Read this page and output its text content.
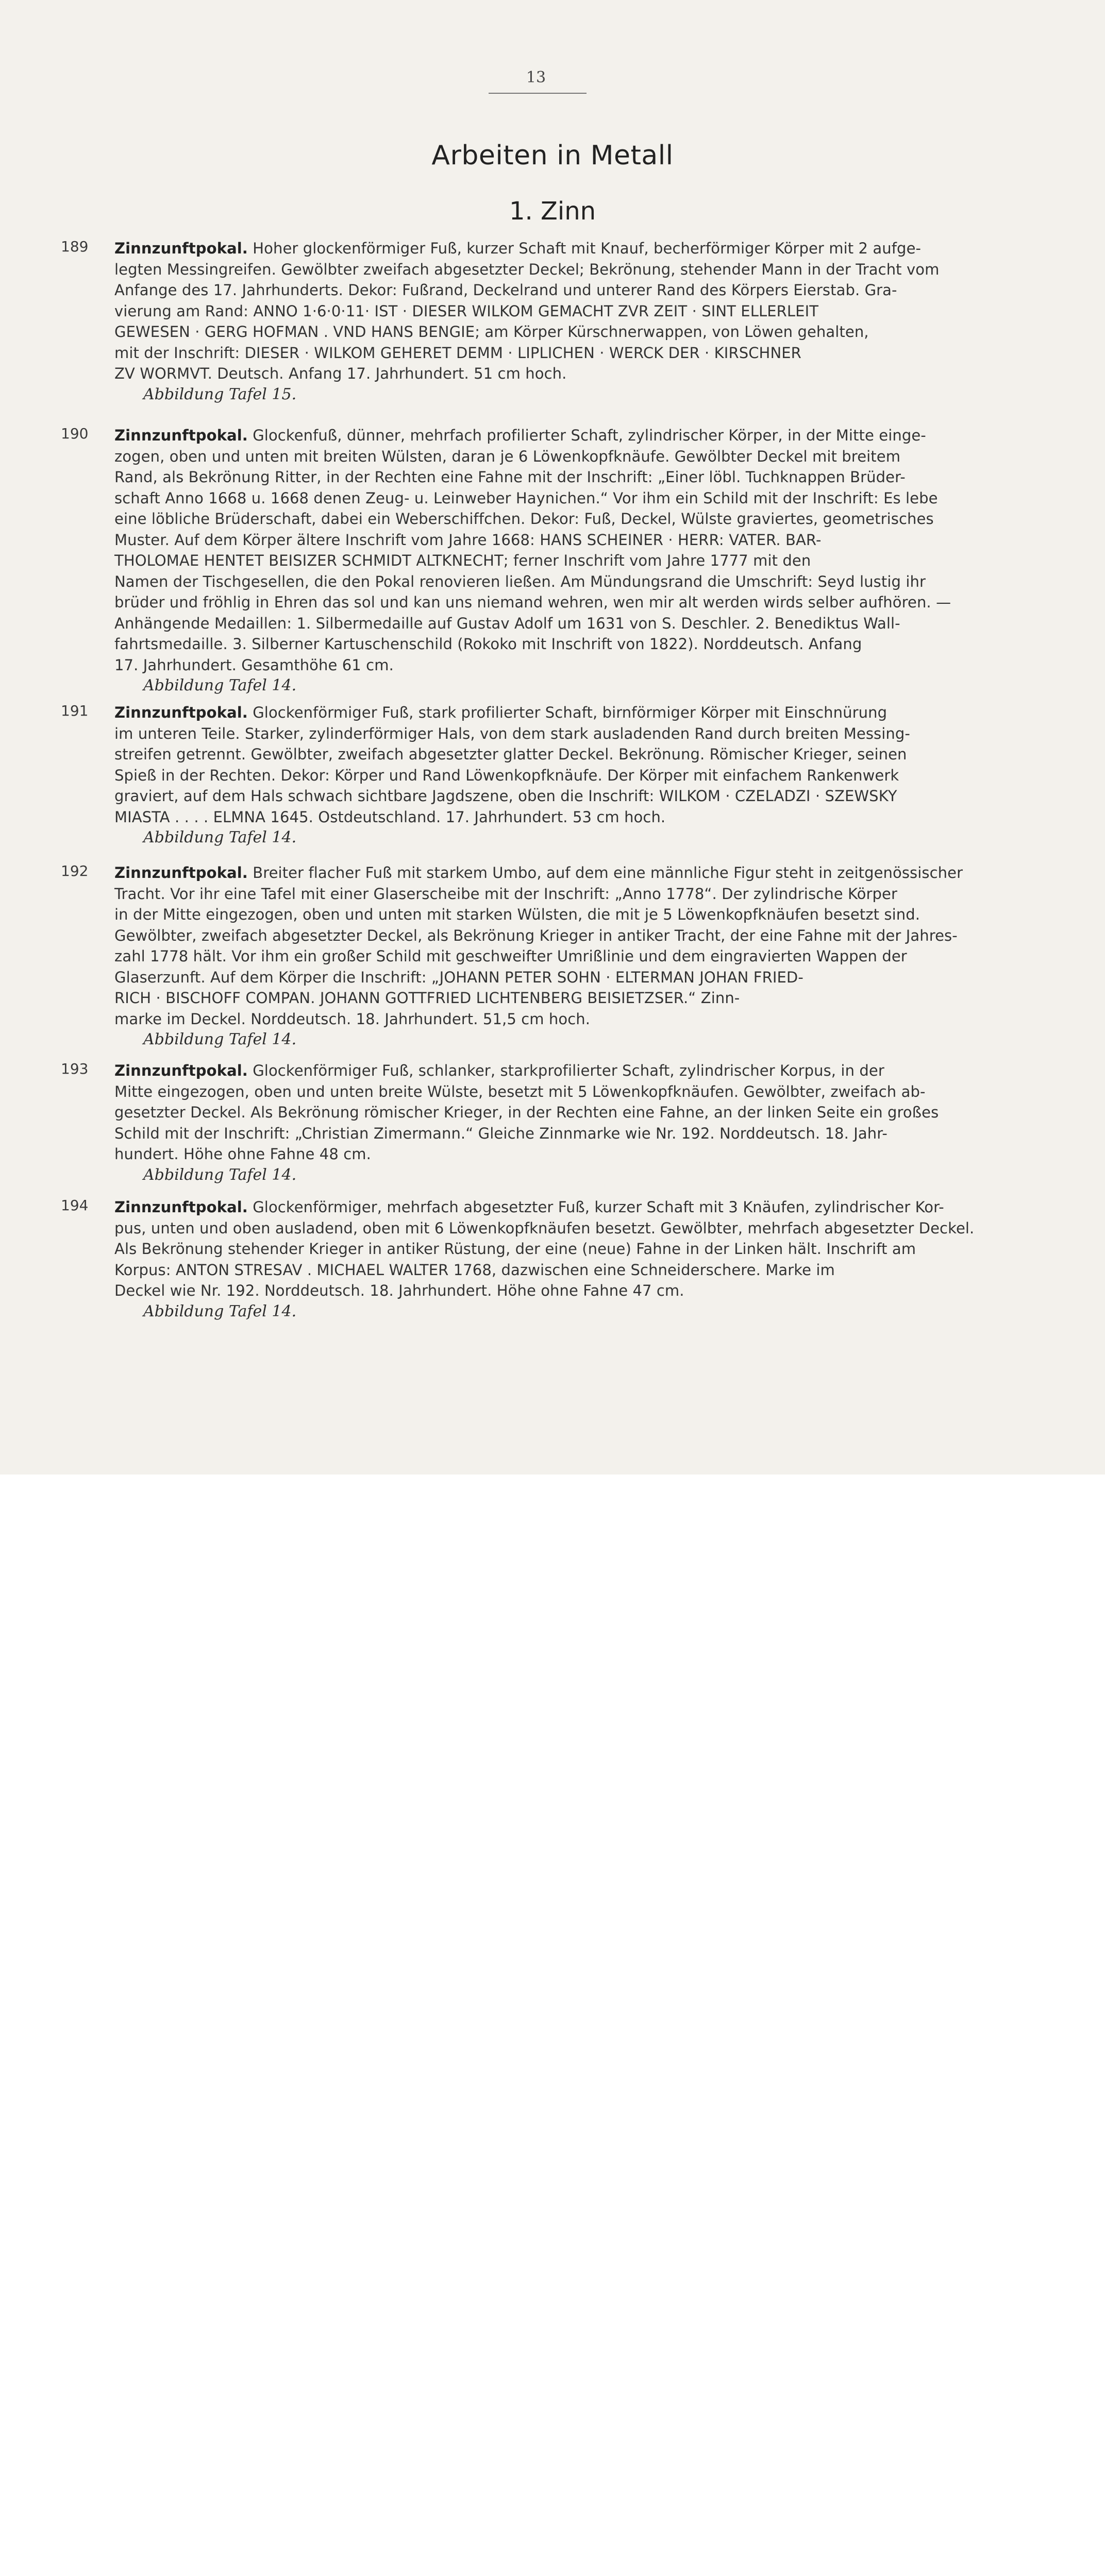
13
Arbeiten in Metall
1. Zinn
189 Zinnzunftpokal. Hoher glockenförmiger Fuß, kurzer Schaft mit Knauf, becherförmiger Körper mit 2 aufge-
legten Messingreifen. Gewölbter zweifach abgesetzter Deckel; Bekrönung, stehender Mann in der Tracht vom
Anfange des 17. Jahrhunderts. Dekor: Fußrand, Deckelrand und unterer Rand des Körpers Eierstab. Gra-
vierung am Rand: ANNO 1·6·0·11· IST · DIESER WILKOM GEMACHT ZVR ZEIT · SINT ELLERLEIT
GEWESEN · GERG HOFMAN . VND HANS BENGIE; am Körper Kürschnerwappen, von Löwen gehalten,
mit der Inschrift: DIESER · WILKOM GEHERET DEMM · LIPLICHEN · WERCK DER · KIRSCHNER
ZV WORMVT. Deutsch. Anfang 17. Jahrhundert. 51 cm hoch.
Abbildung Tafel 15.
190 Zinnzunftpokal. Glockenfuß, dünner, mehrfach profilierter Schaft, zylindrischer Körper, in der Mitte einge-
zogen, oben und unten mit breiten Wülsten, daran je 6 Löwenkopfknäufe. Gewölbter Deckel mit breitem
Rand, als Bekrönung Ritter, in der Rechten eine Fahne mit der Inschrift: „Einer löbl. Tuchknappen Brüder-
schaft Anno 1668 u. 1668 denen Zeug- u. Leinweber Haynichen.“ Vor ihm ein Schild mit der Inschrift: Es lebe
eine löbliche Brüderschaft, dabei ein Weberschiffchen. Dekor: Fuß, Deckel, Wülste graviertes, geometrisches
Muster. Auf dem Körper ältere Inschrift vom Jahre 1668: HANS SCHEINER · HERR: VATER. BAR-
THOLOMAE HENTET BEISIZER SCHMIDT ALTKNECHT; ferner Inschrift vom Jahre 1777 mit den
Namen der Tischgesellen, die den Pokal renovieren ließen. Am Mündungsrand die Umschrift: Seyd lustig ihr
brüder und fröhlig in Ehren das sol und kan uns niemand wehren, wen mir alt werden wirds selber aufhören. —
Anhängende Medaillen: 1. Silbermedaille auf Gustav Adolf um 1631 von S. Deschler. 2. Benediktus Wall-
fahrtsmedaille. 3. Silberner Kartuschenschild (Rokoko mit Inschrift von 1822). Norddeutsch. Anfang
17. Jahrhundert. Gesamthöhe 61 cm.
Abbildung Tafel 14.
191 Zinnzunftpokal. Glockenförmiger Fuß, stark profilierter Schaft, birnförmiger Körper mit Einschnürung
im unteren Teile. Starker, zylinderförmiger Hals, von dem stark ausladenden Rand durch breiten Messing-
streifen getrennt. Gewölbter, zweifach abgesetzter glatter Deckel. Bekrönung. Römischer Krieger, seinen
Spieß in der Rechten. Dekor: Körper und Rand Löwenkopfknäufe. Der Körper mit einfachem Rankenwerk
graviert, auf dem Hals schwach sichtbare Jagdszene, oben die Inschrift: WILKOM · CZELADZI · SZEWSKY
MIASTA . . . . ELMNA 1645. Ostdeutschland. 17. Jahrhundert. 53 cm hoch.
Abbildung Tafel 14.
192 Zinnzunftpokal. Breiter flacher Fuß mit starkem Umbo, auf dem eine männliche Figur steht in zeitgenössischer
Tracht. Vor ihr eine Tafel mit einer Glaserscheibe mit der Inschrift: „Anno 1778“. Der zylindrische Körper
in der Mitte eingezogen, oben und unten mit starken Wülsten, die mit je 5 Löwenkopfknäufen besetzt sind.
Gewölbter, zweifach abgesetzter Deckel, als Bekrönung Krieger in antiker Tracht, der eine Fahne mit der Jahres-
zahl 1778 hält. Vor ihm ein großer Schild mit geschweifter Umrißlinie und dem eingravierten Wappen der
Glaserzunft. Auf dem Körper die Inschrift: „JOHANN PETER SOHN · ELTERMAN JOHAN FRIED-
RICH · BISCHOFF COMPAN. JOHANN GOTTFRIED LICHTENBERG BEISIETZSER.“ Zinn-
marke im Deckel. Norddeutsch. 18. Jahrhundert. 51,5 cm hoch.
Abbildung Tafel 14.
193 Zinnzunftpokal. Glockenförmiger Fuß, schlanker, starkprofilierter Schaft, zylindrischer Korpus, in der
Mitte eingezogen, oben und unten breite Wülste, besetzt mit 5 Löwenkopfknäufen. Gewölbter, zweifach ab-
gesetzter Deckel. Als Bekrönung römischer Krieger, in der Rechten eine Fahne, an der linken Seite ein großes
Schild mit der Inschrift: „Christian Zimermann.“ Gleiche Zinnmarke wie Nr. 192. Norddeutsch. 18. Jahr-
hundert. Höhe ohne Fahne 48 cm.
Abbildung Tafel 14.
194 Zinnzunftpokal. Glockenförmiger, mehrfach abgesetzter Fuß, kurzer Schaft mit 3 Knäufen, zylindrischer Kor-
pus, unten und oben ausladend, oben mit 6 Löwenkopfknäufen besetzt. Gewölbter, mehrfach abgesetzter Deckel.
Als Bekrönung stehender Krieger in antiker Rüstung, der eine (neue) Fahne in der Linken hält. Inschrift am
Korpus: ANTON STRESAV . MICHAEL WALTER 1768, dazwischen eine Schneiderschere. Marke im
Deckel wie Nr. 192. Norddeutsch. 18. Jahrhundert. Höhe ohne Fahne 47 cm.
Abbildung Tafel 14.
